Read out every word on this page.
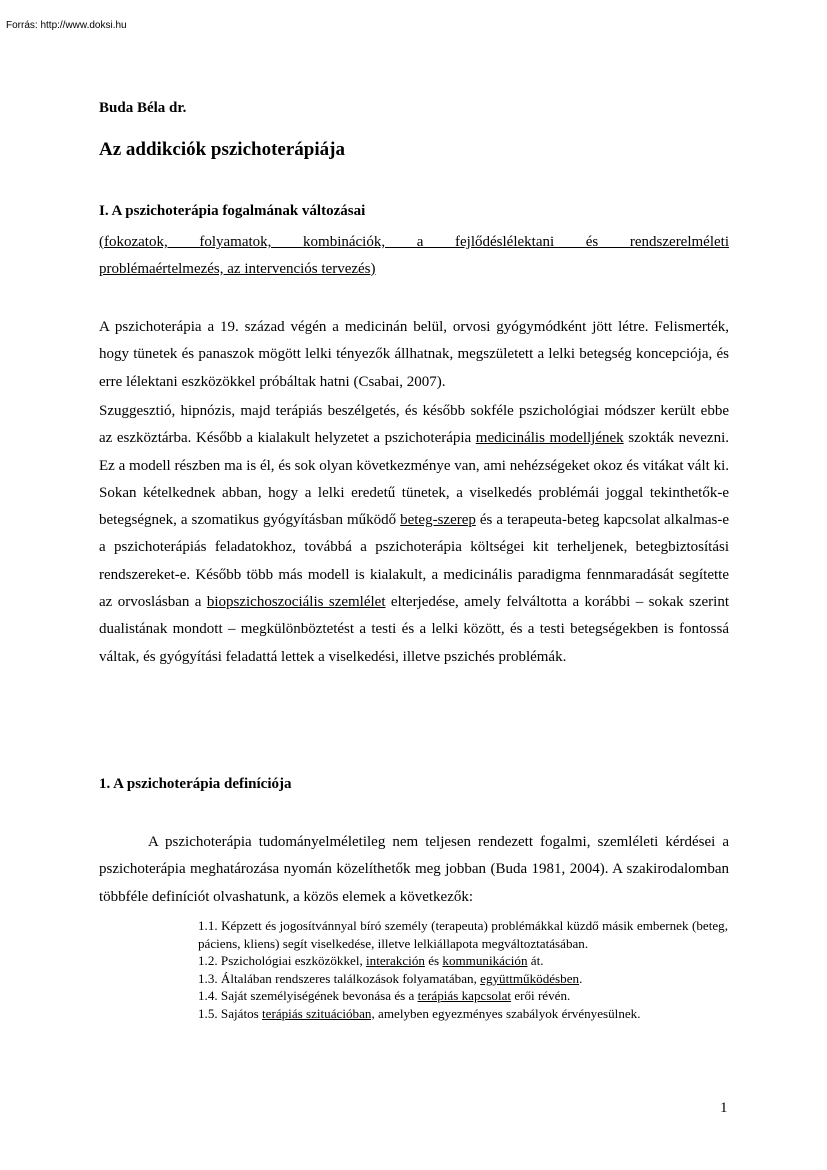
Forrás: http://www.doksi.hu
Buda Béla dr.
Az addikciók pszichoterápiája
I. A pszichoterápia fogalmának változásai
(fokozatok, folyamatok, kombinációk, a fejlődéslélektani és rendszerelméleti
problémaértelmezés, az intervenciós tervezés)
A pszichoterápia a 19. század végén a medicinán belül, orvosi gyógymódként jött létre. Felismerték, hogy tünetek és panaszok mögött lelki tényezők állhatnak, megszületett a lelki betegség koncepciója, és erre lélektani eszközökkel próbáltak hatni (Csabai, 2007).
Szuggesztió, hipnózis, majd terápiás beszélgetés, és később sokféle pszichológiai módszer került ebbe az eszköztárba. Később a kialakult helyzetet a pszichoterápia medicinális modelljének szokták nevezni. Ez a modell részben ma is él, és sok olyan következménye van, ami nehézségeket okoz és vitákat vált ki. Sokan kételkednek abban, hogy a lelki eredetű tünetek, a viselkedés problémái joggal tekinthetők-e betegségnek, a szomatikus gyógyításban működő beteg-szerep és a terapeuta-beteg kapcsolat alkalmas-e a pszichoterápiás feladatokhoz, továbbá a pszichoterápia költségei kit terheljenek, betegbiztosítási rendszereket-e. Később több más modell is kialakult, a medicinális paradigma fennmaradását segítette az orvoslásban a biopszichoszociális szemlélet elterjedése, amely felváltotta a korábbi – sokak szerint dualistának mondott – megkülönböztetést a testi és a lelki között, és a testi betegségekben is fontossá váltak, és gyógyítási feladattá lettek a viselkedési, illetve pszichés problémák.
1. A pszichoterápia definíciója
A pszichoterápia tudományelméletileg nem teljesen rendezett fogalmi, szemléleti kérdései a pszichoterápia meghatározása nyomán közelíthetők meg jobban (Buda 1981, 2004). A szakirodalomban többféle definíciót olvashatunk, a közös elemek a következők:

1.1. Képzett és jogosítvánnyal bíró személy (terapeuta) problémákkal küzdő másik embernek (beteg, páciens, kliens) segít viselkedése, illetve lelkiállapota megváltoztatásában.

1.2. Pszichológiai eszközökkel, interakción és kommunikáción át.

1.3. Általában rendszeres találkozások folyamatában, együttműködésben.

1.4. Saját személyiségének bevonása és a terápiás kapcsolat erői révén.

1.5. Sajátos terápiás szituációban, amelyben egyezményes szabályok érvényesülnek.

1
